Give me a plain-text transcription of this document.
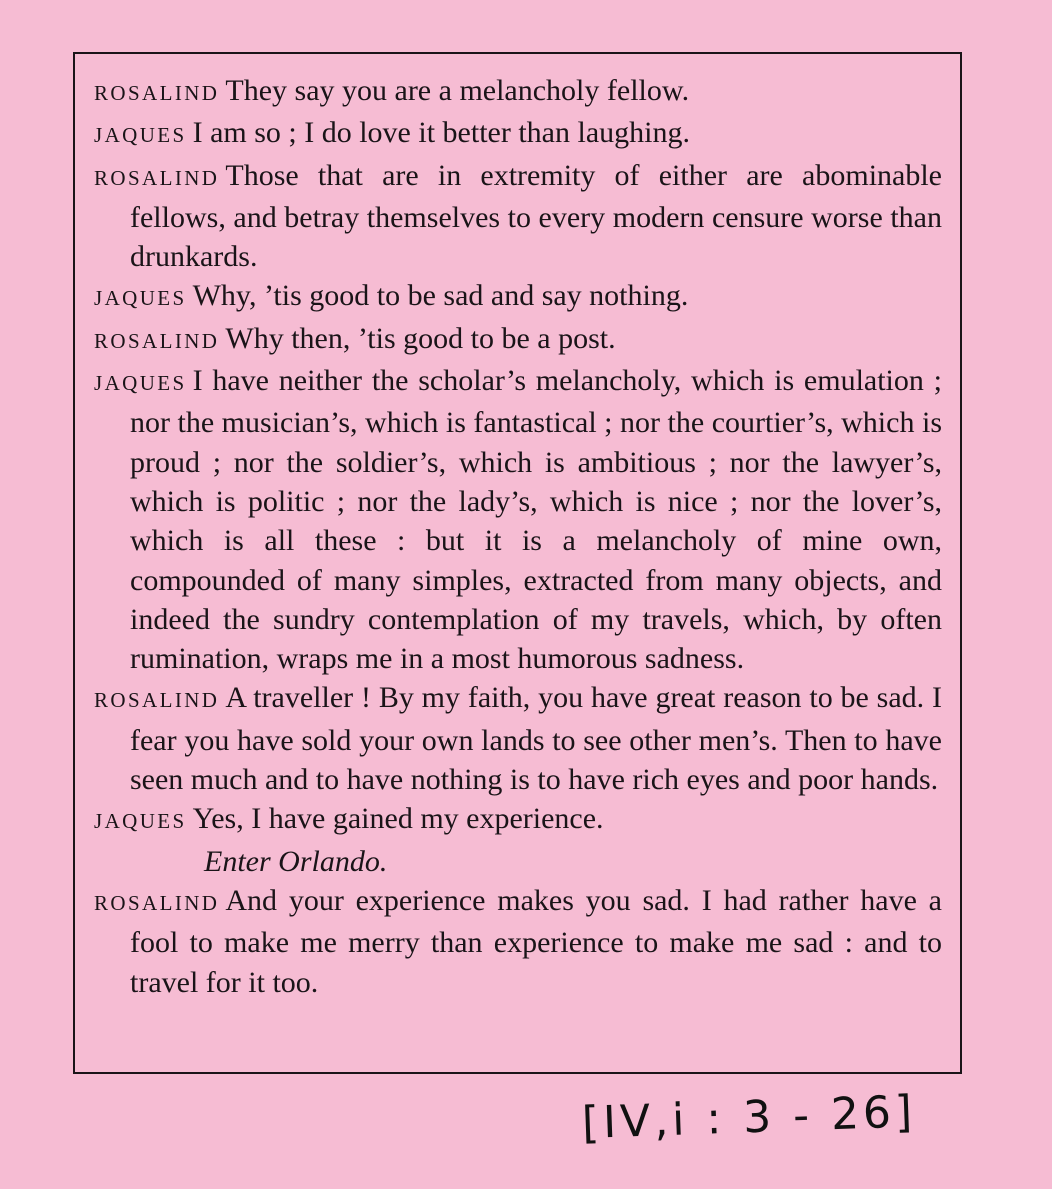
ROSALIND They say you are a melancholy fellow.

JAQUES I am so ; I do love it better than laughing.

ROSALIND Those that are in extremity of either are abominable fellows, and betray themselves to every modern censure worse than drunkards.

JAQUES Why, ’tis good to be sad and say nothing.

ROSALIND Why then, ’tis good to be a post.

JAQUES I have neither the scholar’s melancholy, which is emulation ; nor the musician’s, which is fantastical ; nor the courtier’s, which is proud ; nor the soldier’s, which is ambitious ; nor the lawyer’s, which is politic ; nor the lady’s, which is nice ; nor the lover’s, which is all these : but it is a melancholy of mine own, compounded of many simples, extracted from many objects, and indeed the sundry contemplation of my travels, which, by often rumination, wraps me in a most humorous sadness.

ROSALIND A traveller ! By my faith, you have great reason to be sad. I fear you have sold your own lands to see other men’s. Then to have seen much and to have nothing is to have rich eyes and poor hands.

JAQUES Yes, I have gained my experience.

Enter Orlando.

ROSALIND And your experience makes you sad. I had rather have a fool to make me merry than experience to make me sad : and to travel for it too.

[IV,i : 3 - 26]
